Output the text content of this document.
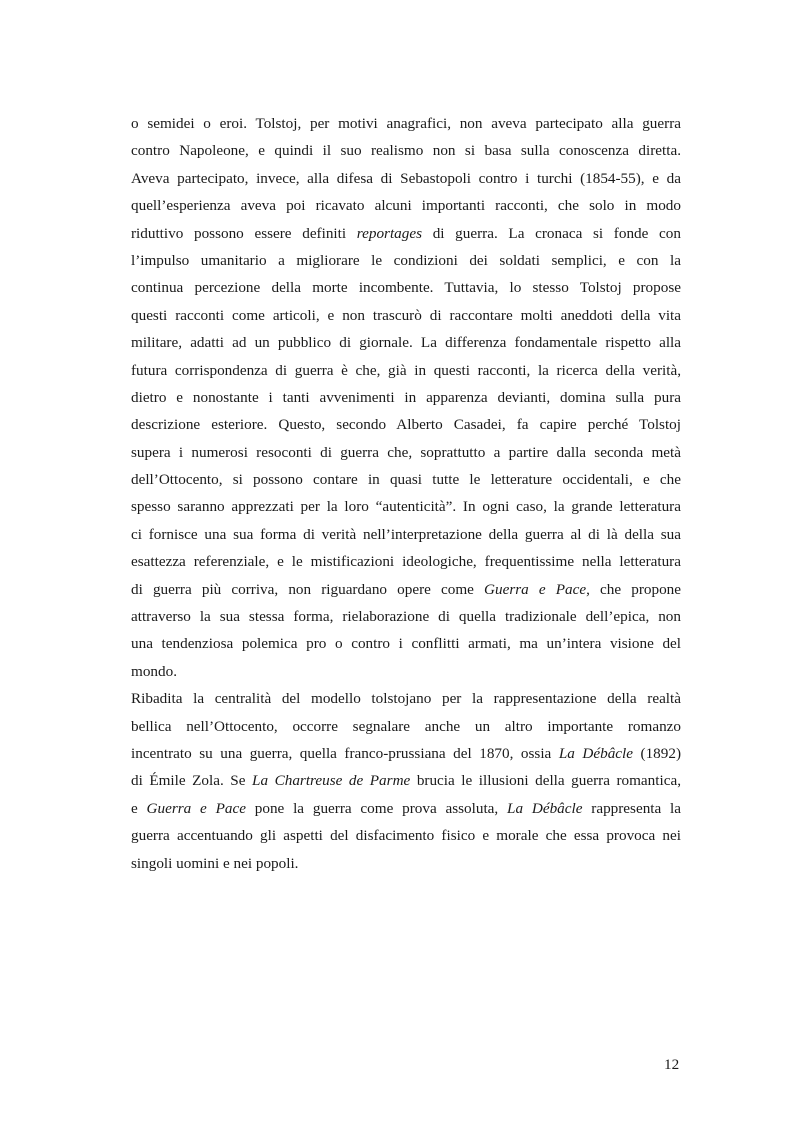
o semidei o eroi. Tolstoj, per motivi anagrafici, non aveva partecipato alla guerra
contro Napoleone, e quindi il suo realismo non si basa sulla conoscenza diretta.
Aveva partecipato, invece, alla difesa di Sebastopoli contro i turchi (1854-55), e da
quell’esperienza aveva poi ricavato alcuni importanti racconti, che solo in modo
riduttivo possono essere definiti reportages di guerra. La cronaca si fonde con
l’impulso umanitario a migliorare le condizioni dei soldati semplici, e con la
continua percezione della morte incombente. Tuttavia, lo stesso Tolstoj propose
questi racconti come articoli, e non trascurò di raccontare molti aneddoti della vita
militare, adatti ad un pubblico di giornale. La differenza fondamentale rispetto alla
futura corrispondenza di guerra è che, già in questi racconti, la ricerca della verità,
dietro e nonostante i tanti avvenimenti in apparenza devianti, domina sulla pura
descrizione esteriore. Questo, secondo Alberto Casadei, fa capire perché Tolstoj
supera i numerosi resoconti di guerra che, soprattutto a partire dalla seconda metà
dell’Ottocento, si possono contare in quasi tutte le letterature occidentali, e che
spesso saranno apprezzati per la loro “autenticità”. In ogni caso, la grande letteratura
ci fornisce una sua forma di verità nell’interpretazione della guerra al di là della sua
esattezza referenziale, e le mistificazioni ideologiche, frequentissime nella letteratura
di guerra più corriva, non riguardano opere come Guerra e Pace, che propone
attraverso la sua stessa forma, rielaborazione di quella tradizionale dell’epica, non
una tendenziosa polemica pro o contro i conflitti armati, ma un’intera visione del
mondo.
Ribadita la centralità del modello tolstojano per la rappresentazione della realtà
bellica nell’Ottocento, occorre segnalare anche un altro importante romanzo
incentrato su una guerra, quella franco-prussiana del 1870, ossia La Débâcle (1892)
di Émile Zola. Se La Chartreuse de Parme brucia le illusioni della guerra romantica,
e Guerra e Pace pone la guerra come prova assoluta, La Débâcle rappresenta la
guerra accentuando gli aspetti del disfacimento fisico e morale che essa provoca nei
singoli uomini e nei popoli.
12
